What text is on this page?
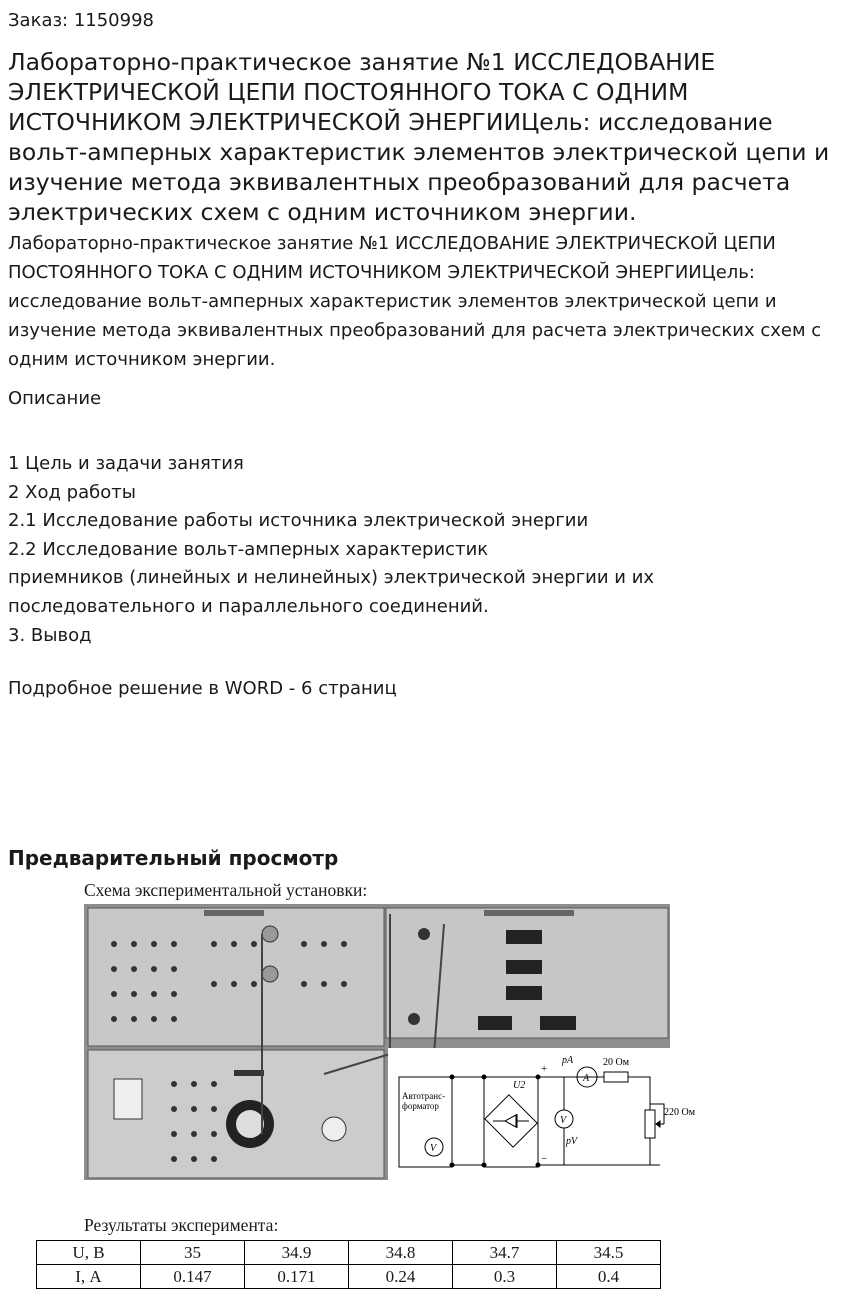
Заказ: 1150998
Лабораторно-практическое занятие №1 ИССЛЕДОВАНИЕ ЭЛЕКТРИЧЕСКОЙ ЦЕПИ ПОСТОЯННОГО ТОКА С ОДНИМ ИСТОЧНИКОМ ЭЛЕКТРИЧЕСКОЙ ЭНЕРГИИЦель: исследование вольт-амперных характеристик элементов электрической цепи и изучение метода эквивалентных преобразований для расчета электрических схем с одним источником энергии.

Лабораторно-практическое занятие №1 ИССЛЕДОВАНИЕ ЭЛЕКТРИЧЕСКОЙ ЦЕПИ ПОСТОЯННОГО ТОКА С ОДНИМ ИСТОЧНИКОМ ЭЛЕКТРИЧЕСКОЙ ЭНЕРГИИЦель: исследование вольт-амперных характеристик элементов электрической цепи и изучение метода эквивалентных преобразований для расчета электрических схем с одним источником энергии.

Описание
1 Цель и задачи занятия
2 Ход работы
2.1 Исследование работы источника электрической энергии
2.2 Исследование вольт-амперных характеристик
приемников (линейных и нелинейных) электрической энергии и их
последовательного и параллельного соединений.
3. Вывод
Подробное решение в WORD - 6 страниц
Предварительный просмотр
Схема экспериментальной установки:
Автотранс-
форматор
V
U2
+
−
pA
A
20 Ом
220 Ом
V
pV
Результаты эксперимента:
U, В	35	34.9	34.8	34.7	34.5
I, А	0.147	0.171	0.24	0.3	0.4
